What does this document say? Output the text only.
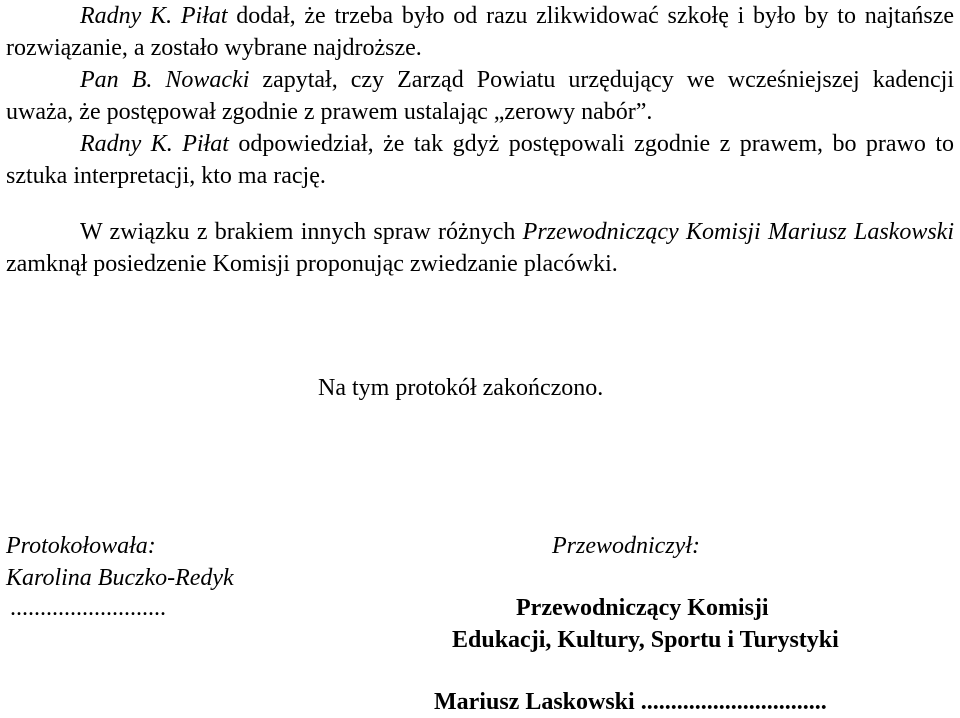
Radny K. Piłat dodał, że trzeba było od razu zlikwidować szkołę i było by to najtańsze rozwiązanie, a zostało wybrane najdroższe.

Pan B. Nowacki zapytał, czy Zarząd Powiatu urzędujący we wcześniejszej kadencji uważa, że postępował zgodnie z prawem ustalając „zerowy nabór”.

Radny K. Piłat odpowiedział, że tak gdyż postępowali zgodnie z prawem, bo prawo to sztuka interpretacji, kto ma rację.

W związku z brakiem innych spraw różnych Przewodniczący Komisji Mariusz Laskowski zamknął posiedzenie Komisji proponując zwiedzanie placówki.

Na tym protokół zakończono.
Protokołowała:
Karolina Buczko-Redyk
..........................
Przewodniczył:
Przewodniczący Komisji
Edukacji, Kultury, Sportu i Turystyki
Mariusz Laskowski ...............................
